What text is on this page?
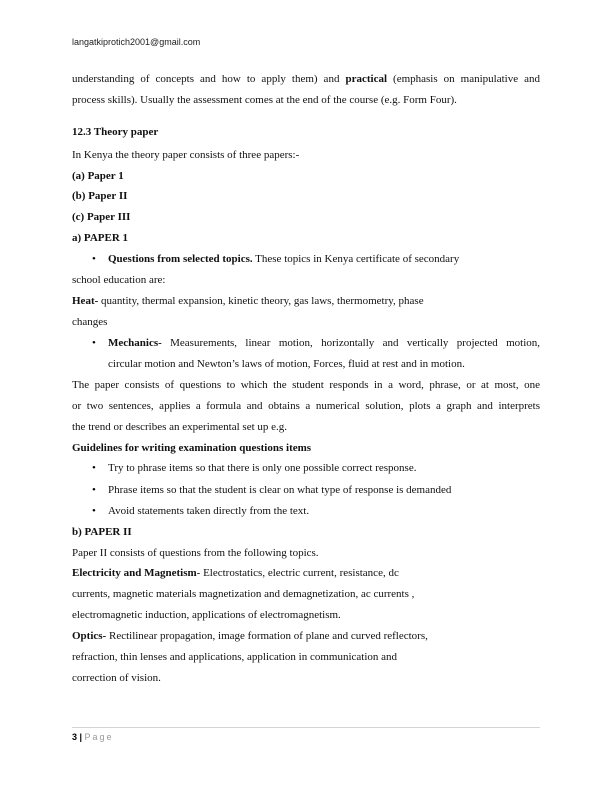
langatkiprotich2001@gmail.com
understanding of concepts and how to apply them) and practical (emphasis on manipulative and
process skills). Usually the assessment comes at the end of the course (e.g. Form Four).
12.3 Theory paper
In Kenya the theory paper consists of three papers:-
(a) Paper 1
(b) Paper II
(c) Paper III
a) PAPER 1
• Questions from selected topics. These topics in Kenya certificate of secondary
school education are:
Heat- quantity, thermal expansion, kinetic theory, gas laws, thermometry, phase
changes
• Mechanics- Measurements, linear motion, horizontally and vertically projected motion,
circular motion and Newton’s laws of motion, Forces, fluid at rest and in motion.
The paper consists of questions to which the student responds in a word, phrase, or at most, one
or two sentences, applies a formula and obtains a numerical solution, plots a graph and interprets
the trend or describes an experimental set up e.g.
Guidelines for writing examination questions items
• Try to phrase items so that there is only one possible correct response.
• Phrase items so that the student is clear on what type of response is demanded
• Avoid statements taken directly from the text.
b) PAPER II
Paper II consists of questions from the following topics.
Electricity and Magnetism- Electrostatics, electric current, resistance, dc
currents, magnetic materials magnetization and demagnetization, ac currents ,
electromagnetic induction, applications of electromagnetism.
Optics- Rectilinear propagation, image formation of plane and curved reflectors,
refraction, thin lenses and applications, application in communication and
correction of vision.
3 | Page
